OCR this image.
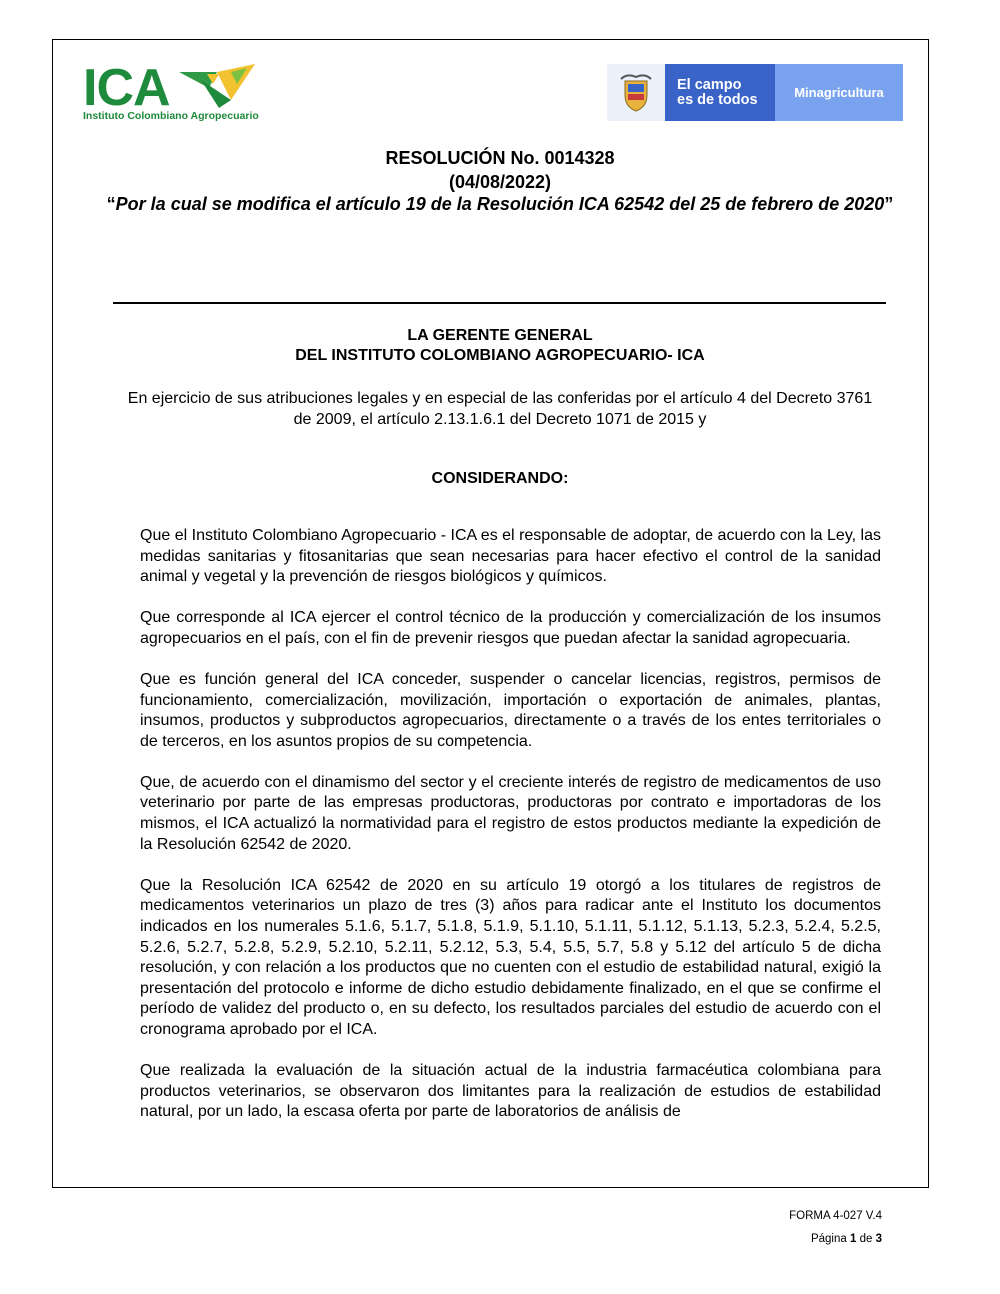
ICA
Instituto Colombiano Agropecuario
El campo
es de todos	Minagricultura
RESOLUCIÓN No. 0014328
(04/08/2022)
“Por la cual se modifica el artículo 19 de la Resolución ICA 62542 del 25 de febrero de 2020”
LA GERENTE GENERAL
DEL INSTITUTO COLOMBIANO AGROPECUARIO- ICA
En ejercicio de sus atribuciones legales y en especial de las conferidas por el artículo 4 del Decreto 3761 de 2009, el artículo 2.13.1.6.1 del Decreto 1071 de 2015 y
CONSIDERANDO:

Que el Instituto Colombiano Agropecuario - ICA es el responsable de adoptar, de acuerdo con la Ley, las medidas sanitarias y fitosanitarias que sean necesarias para hacer efectivo el control de la sanidad animal y vegetal y la prevención de riesgos biológicos y químicos.

Que corresponde al ICA ejercer el control técnico de la producción y comercialización de los insumos agropecuarios en el país, con el fin de prevenir riesgos que puedan afectar la sanidad agropecuaria.

Que es función general del ICA conceder, suspender o cancelar licencias, registros, permisos de funcionamiento, comercialización, movilización, importación o exportación de animales, plantas, insumos, productos y subproductos agropecuarios, directamente o a través de los entes territoriales o de terceros, en los asuntos propios de su competencia.

Que, de acuerdo con el dinamismo del sector y el creciente interés de registro de medicamentos de uso veterinario por parte de las empresas productoras, productoras por contrato e importadoras de los mismos, el ICA actualizó la normatividad para el registro de estos productos mediante la expedición de la Resolución 62542 de 2020.

Que la Resolución ICA 62542 de 2020 en su artículo 19 otorgó a los titulares de registros de medicamentos veterinarios un plazo de tres (3) años para radicar ante el Instituto los documentos indicados en los numerales 5.1.6, 5.1.7, 5.1.8, 5.1.9, 5.1.10, 5.1.11, 5.1.12, 5.1.13, 5.2.3, 5.2.4, 5.2.5, 5.2.6, 5.2.7, 5.2.8, 5.2.9, 5.2.10, 5.2.11, 5.2.12, 5.3, 5.4, 5.5, 5.7, 5.8 y 5.12 del artículo 5 de dicha resolución, y con relación a los productos que no cuenten con el estudio de estabilidad natural, exigió la presentación del protocolo e informe de dicho estudio debidamente finalizado, en el que se confirme el período de validez del producto o, en su defecto, los resultados parciales del estudio de acuerdo con el cronograma aprobado por el ICA.

Que realizada la evaluación de la situación actual de la industria farmacéutica colombiana para productos veterinarios, se observaron dos limitantes para la realización de estudios de estabilidad natural, por un lado, la escasa oferta por parte de laboratorios de análisis de

FORMA 4-027 V.4
Página 1 de 3
